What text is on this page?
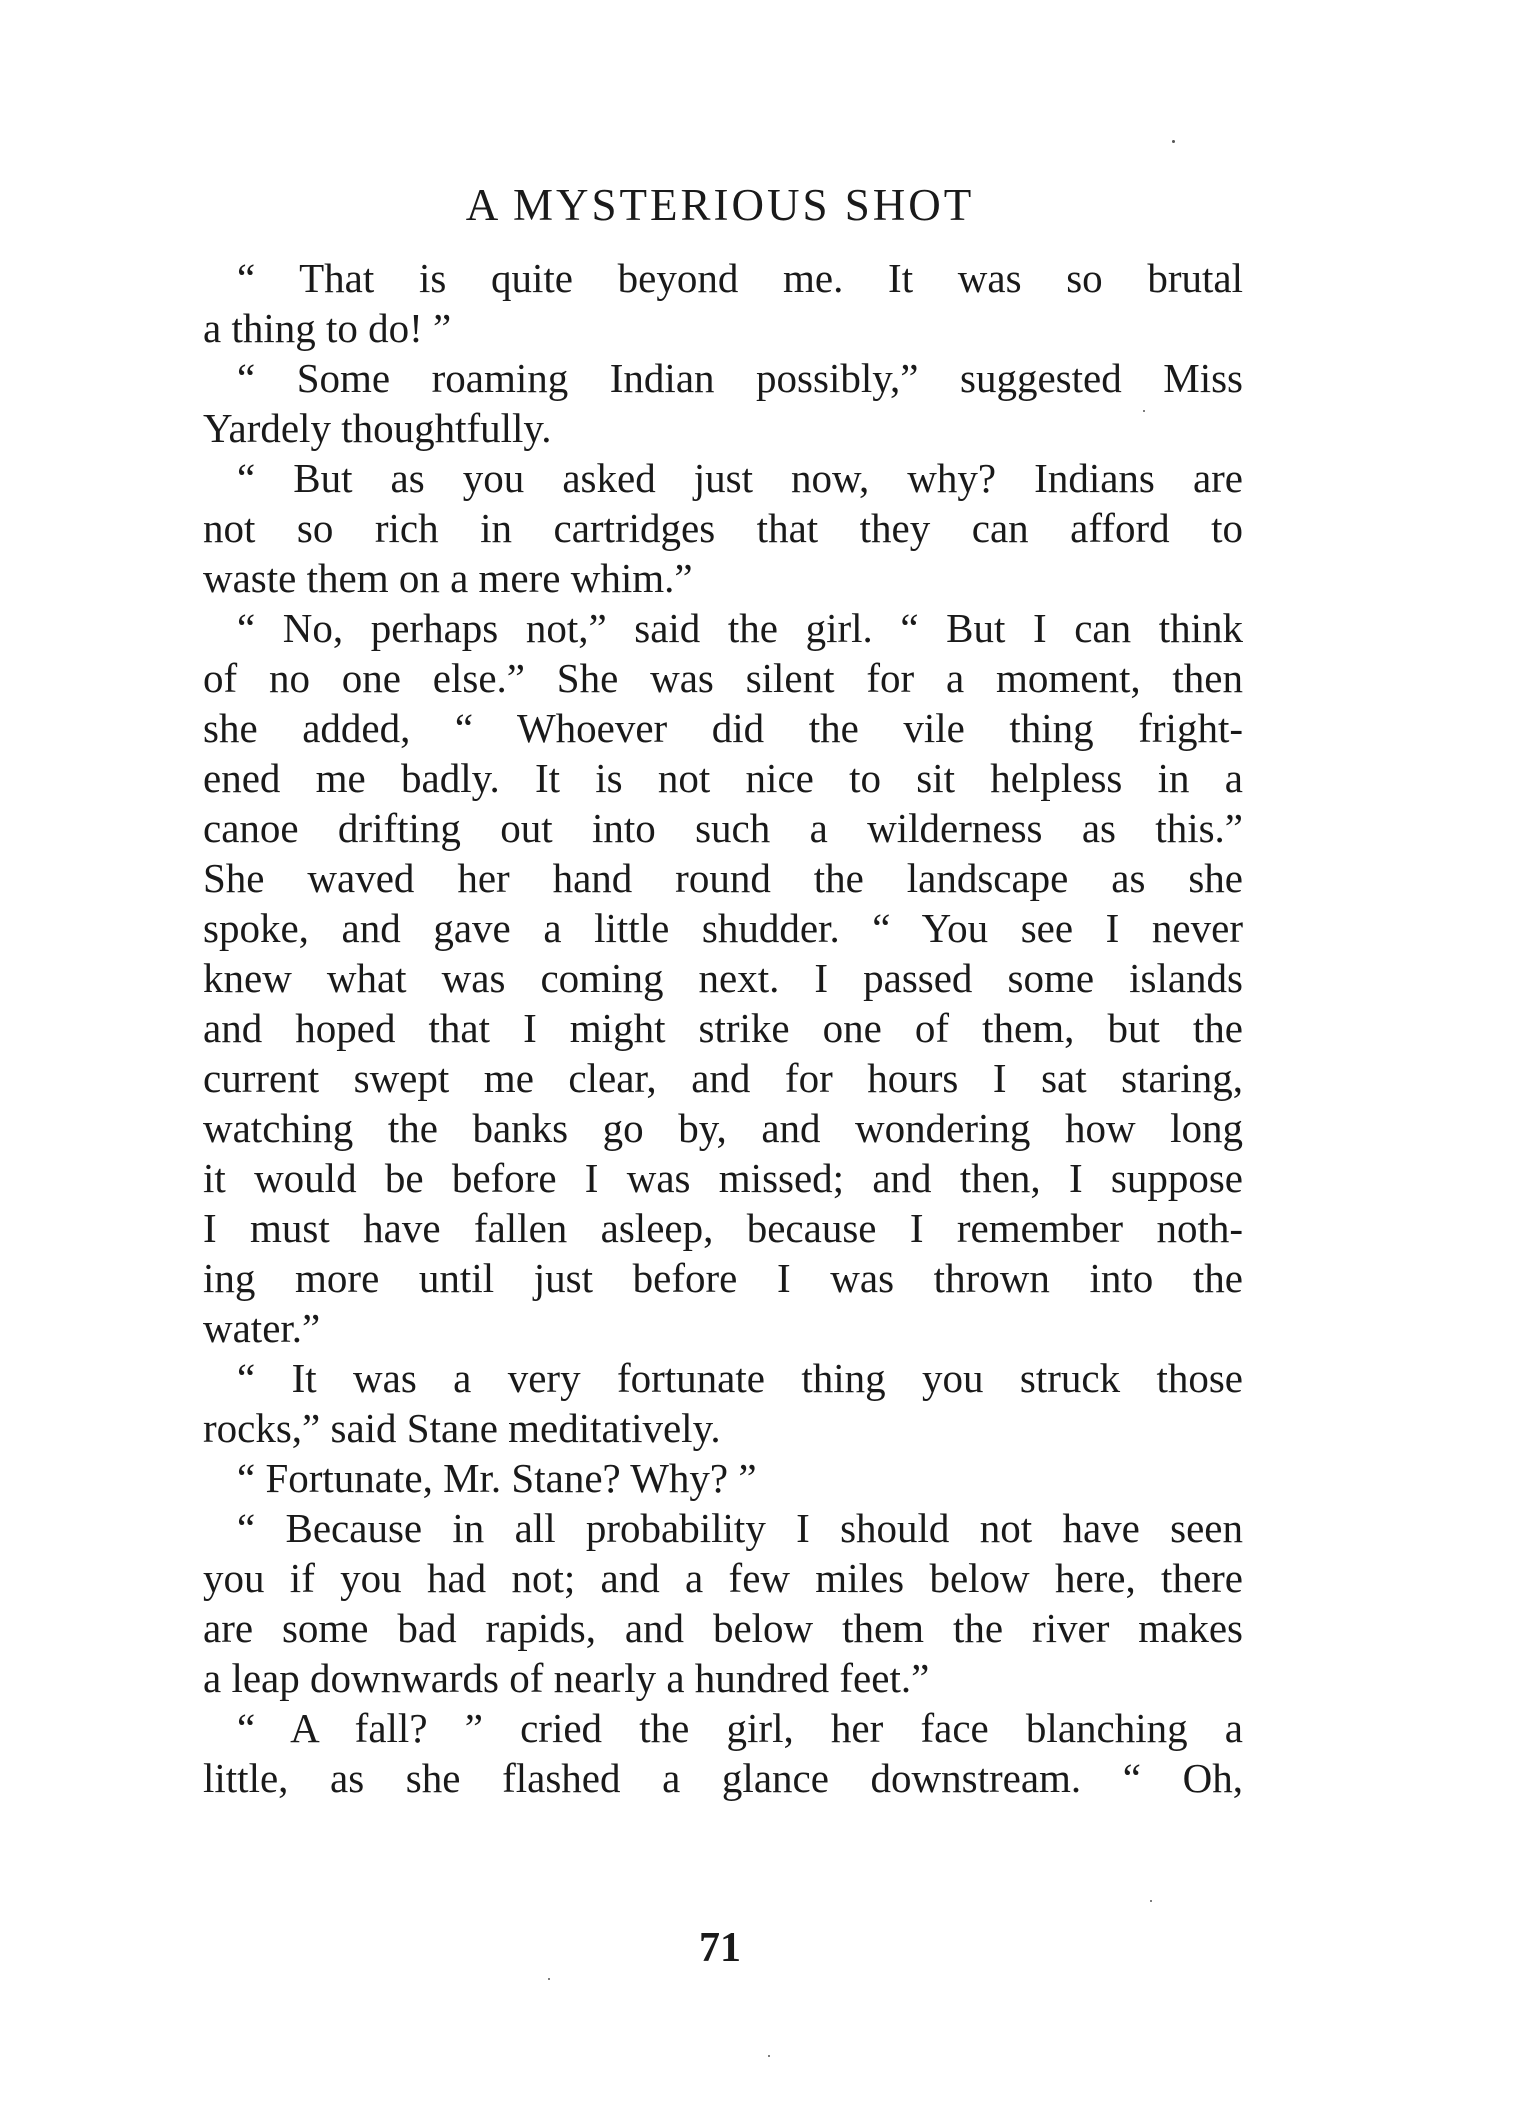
A MYSTERIOUS SHOT
“ That is quite beyond me. It was so brutal
a thing to do! ”
“ Some roaming Indian possibly,” suggested Miss
Yardely thoughtfully.
“ But as you asked just now, why? Indians are
not so rich in cartridges that they can afford to
waste them on a mere whim.”
“ No, perhaps not,” said the girl. “ But I can think
of no one else.” She was silent for a moment, then
she added, “ Whoever did the vile thing fright-
ened me badly. It is not nice to sit helpless in a
canoe drifting out into such a wilderness as this.”
She waved her hand round the landscape as she
spoke, and gave a little shudder. “ You see I never
knew what was coming next. I passed some islands
and hoped that I might strike one of them, but the
current swept me clear, and for hours I sat staring,
watching the banks go by, and wondering how long
it would be before I was missed; and then, I suppose
I must have fallen asleep, because I remember noth-
ing more until just before I was thrown into the
water.”
“ It was a very fortunate thing you struck those
rocks,” said Stane meditatively.
“ Fortunate, Mr. Stane? Why? ”
“ Because in all probability I should not have seen
you if you had not; and a few miles below here, there
are some bad rapids, and below them the river makes
a leap downwards of nearly a hundred feet.”
“ A fall? ” cried the girl, her face blanching a
little, as she flashed a glance downstream. “ Oh,
71
